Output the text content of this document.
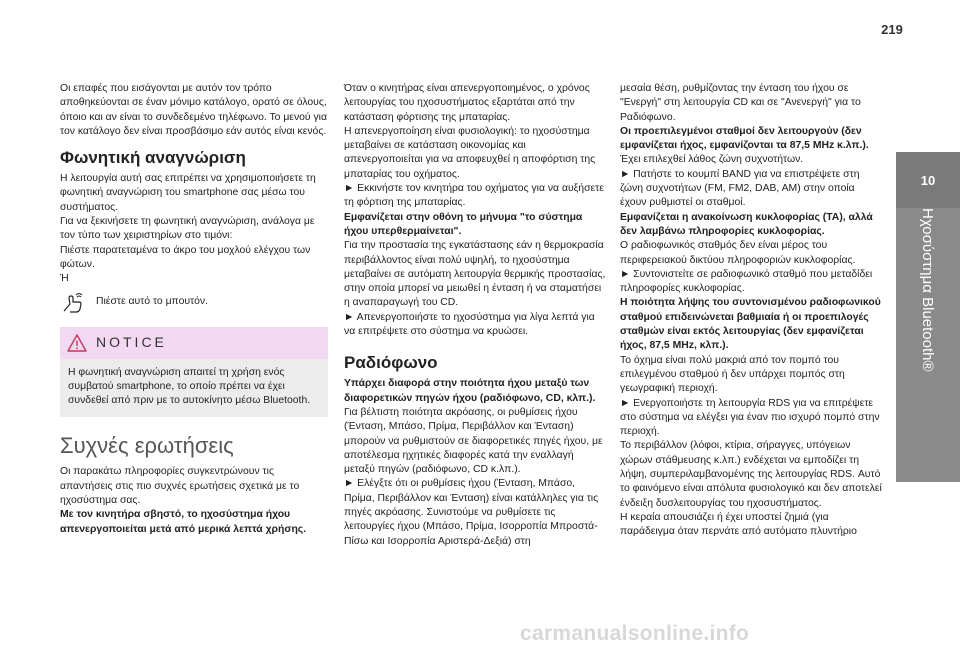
219
10
Ηχοσύστημα Bluetooth®

Οι επαφές που εισάγονται με αυτόν τον τρόπο αποθηκεύονται σε έναν μόνιμο κατάλογο, ορατό σε όλους, όποιο και αν είναι το συνδεδεμένο τηλέφωνο. Το μενού για τον κατάλογο δεν είναι προσβάσιμο εάν αυτός είναι κενός.

Φωνητική αναγνώριση

Η λειτουργία αυτή σας επιτρέπει να χρησιμοποιήσετε τη φωνητική αναγνώριση του smartphone σας μέσω του συστήματος.

Για να ξεκινήσετε τη φωνητική αναγνώριση, ανάλογα με τον τύπο των χειριστηρίων στο τιμόνι:

Πιέστε παρατεταμένα το άκρο του μοχλού ελέγχου των φώτων.

Ή

Πιέστε αυτό το μπουτόν.

NOTICE
Η φωνητική αναγνώριση απαιτεί τη χρήση ενός συμβατού smartphone, το οποίο πρέπει να έχει συνδεθεί από πριν με το αυτοκίνητο μέσω Bluetooth.
Συχνές ερωτήσεις

Οι παρακάτω πληροφορίες συγκεντρώνουν τις απαντήσεις στις πιο συχνές ερωτήσεις σχετικά με το ηχοσύστημα σας.

Με τον κινητήρα σβηστό, το ηχοσύστημα ήχου απενεργοποιείται μετά από μερικά λεπτά χρήσης.

Όταν ο κινητήρας είναι απενεργοποιημένος, ο χρόνος λειτουργίας του ηχοσυστήματος εξαρτάται από την κατάσταση φόρτισης της μπαταρίας.

Η απενεργοποίηση είναι φυσιολογική: το ηχοσύστημα μεταβαίνει σε κατάσταση οικονομίας και απενεργοποιείται για να αποφευχθεί η αποφόρτιση της μπαταρίας του οχήματος.

► Εκκινήστε τον κινητήρα του οχήματος για να αυξήσετε τη φόρτιση της μπαταρίας.

Εμφανίζεται στην οθόνη το μήνυμα "το σύστημα ήχου υπερθερμαίνεται".

Για την προστασία της εγκατάστασης εάν η θερμοκρασία περιβάλλοντος είναι πολύ υψηλή, το ηχοσύστημα μεταβαίνει σε αυτόματη λειτουργία θερμικής προστασίας, στην οποία μπορεί να μειωθεί η ένταση ή να σταματήσει η αναπαραγωγή του CD.

► Απενεργοποιήστε το ηχοσύστημα για λίγα λεπτά για να επιτρέψετε στο σύστημα να κρυώσει.

Ραδιόφωνο

Υπάρχει διαφορά στην ποιότητα ήχου μεταξύ των διαφορετικών πηγών ήχου (ραδιόφωνο, CD, κλπ.).

Για βέλτιστη ποιότητα ακρόασης, οι ρυθμίσεις ήχου (Ένταση, Μπάσο, Πρίμα, Περιβάλλον και Ένταση) μπορούν να ρυθμιστούν σε διαφορετικές πηγές ήχου, με αποτέλεσμα ηχητικές διαφορές κατά την εναλλαγή μεταξύ πηγών (ραδιόφωνο, CD κ.λπ.).

► Ελέγξτε ότι οι ρυθμίσεις ήχου (Ένταση, Μπάσο, Πρίμα, Περιβάλλον και Ένταση) είναι κατάλληλες για τις πηγές ακρόασης. Συνιστούμε να ρυθμίσετε τις λειτουργίες ήχου (Μπάσο, Πρίμα, Ισορροπία Μπροστά-Πίσω και Ισορροπία Αριστερά-Δεξιά) στη

μεσαία θέση, ρυθμίζοντας την ένταση του ήχου σε "Ενεργή" στη λειτουργία CD και σε "Ανενεργή" για το Ραδιόφωνο.

Οι προεπιλεγμένοι σταθμοί δεν λειτουργούν (δεν εμφανίζεται ήχος, εμφανίζονται τα 87,5 MHz κ.λπ.).

Έχει επιλεχθεί λάθος ζώνη συχνοτήτων.

► Πατήστε το κουμπί BAND για να επιστρέψετε στη ζώνη συχνοτήτων (FM, FM2, DAB, AM) στην οποία έχουν ρυθμιστεί οι σταθμοί.

Εμφανίζεται η ανακοίνωση κυκλοφορίας (TA), αλλά δεν λαμβάνω πληροφορίες κυκλοφορίας.

Ο ραδιοφωνικός σταθμός δεν είναι μέρος του περιφερειακού δικτύου πληροφοριών κυκλοφορίας.

► Συντονιστείτε σε ραδιοφωνικό σταθμό που μεταδίδει πληροφορίες κυκλοφορίας.

Η ποιότητα λήψης του συντονισμένου ραδιοφωνικού σταθμού επιδεινώνεται βαθμιαία ή οι προεπιλογές σταθμών είναι εκτός λειτουργίας (δεν εμφανίζεται ήχος, 87,5 MHz, κλπ.).

Το όχημα είναι πολύ μακριά από τον πομπό του επιλεγμένου σταθμού ή δεν υπάρχει πομπός στη γεωγραφική περιοχή.

► Ενεργοποιήστε τη λειτουργία RDS για να επιτρέψετε στο σύστημα να ελέγξει για έναν πιο ισχυρό πομπό στην περιοχή.

Το περιβάλλον (λόφοι, κτίρια, σήραγγες, υπόγειων χώρων στάθμευσης κ.λπ.) ενδέχεται να εμποδίζει τη λήψη, συμπεριλαμβανομένης της λειτουργίας RDS. Αυτό το φαινόμενο είναι απόλυτα φυσιολογικό και δεν αποτελεί ένδειξη δυσλειτουργίας του ηχοσυστήματος.

Η κεραία απουσιάζει ή έχει υποστεί ζημιά (για παράδειγμα όταν περνάτε από αυτόματο πλυντήριο

carmanualsonline.info
